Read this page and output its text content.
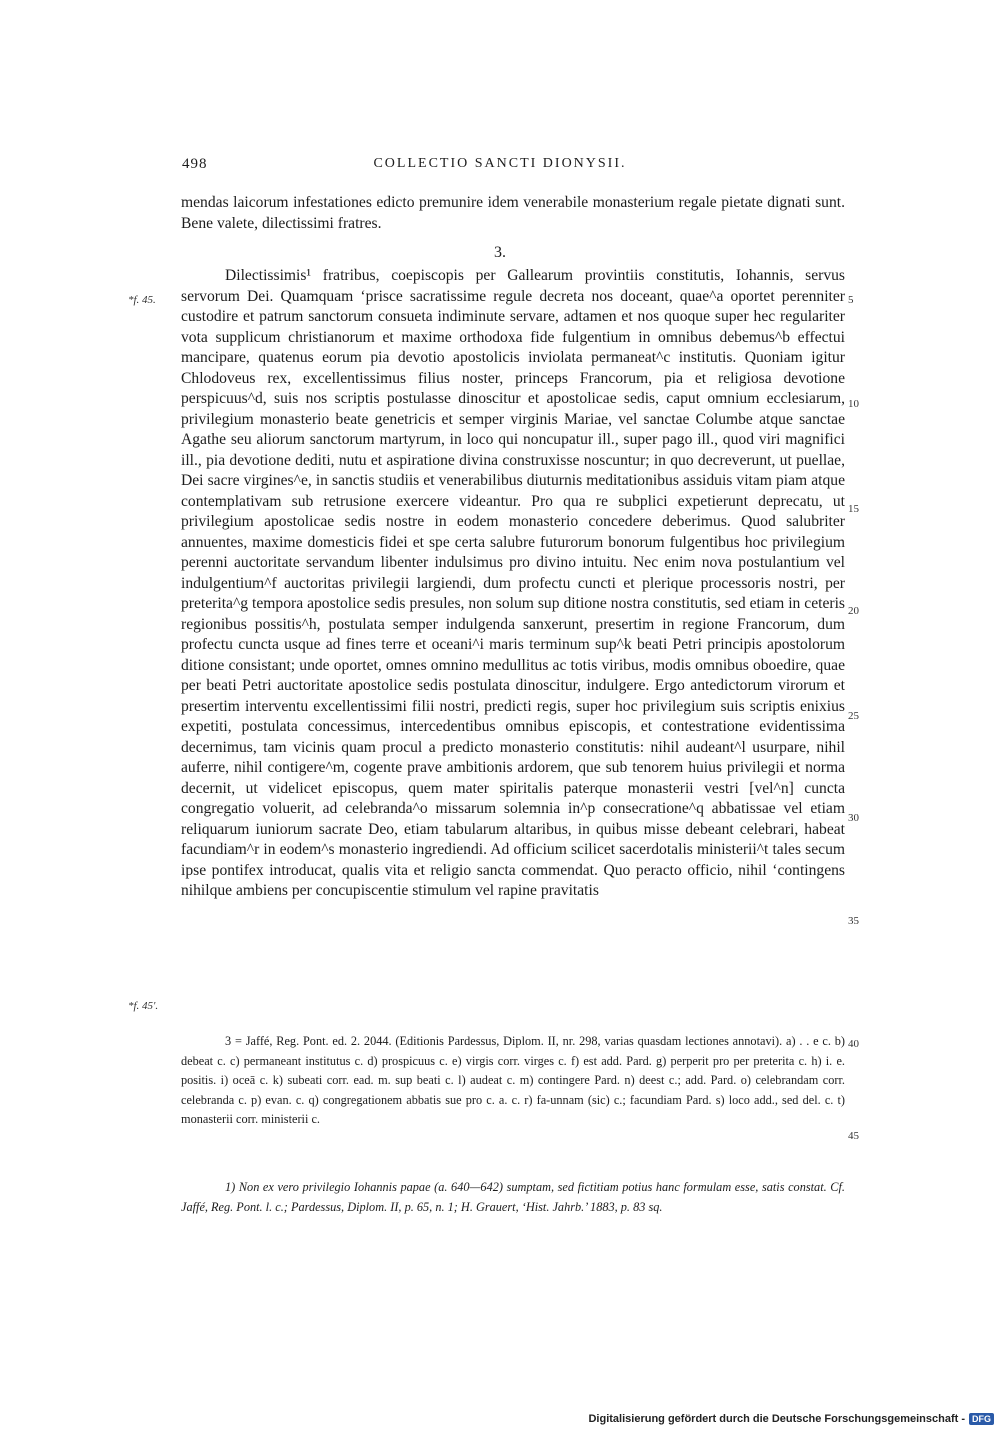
498	COLLECTIO SANCTI DIONYSII.

mendas laicorum infestationes edicto premunire idem venerabile monasterium regale pietate dignati sunt. Bene valete, dilectissimi fratres.

3.

Dilectissimis¹ fratribus, coepiscopis per Gallearum provintiis constitutis, Iohannis, servus servorum Dei. Quamquam ‘prisce sacratissime regule decreta nos doceant, quae^a oportet perenniter custodire et patrum sanctorum consueta indiminute servare, adtamen et nos quoque super hec regulariter vota supplicum christianorum et maxime orthodoxa fide fulgentium in omnibus debemus^b effectui mancipare, quatenus eorum pia devotio apostolicis inviolata permaneat^c institutis. Quoniam igitur Chlodoveus rex, excellentissimus filius noster, princeps Francorum, pia et religiosa devotione perspicuus^d, suis nos scriptis postulasse dinoscitur et apostolicae sedis, caput omnium ecclesiarum, privilegium monasterio beate genetricis et semper virginis Mariae, vel sanctae Columbe atque sanctae Agathe seu aliorum sanctorum martyrum, in loco qui noncupatur ill., super pago ill., quod viri magnifici ill., pia devotione dediti, nutu et aspiratione divina construxisse noscuntur; in quo decreverunt, ut puellae, Dei sacre virgines^e, in sanctis studiis et venerabilibus diuturnis meditationibus assiduis vitam piam atque contemplativam sub retrusione exercere videantur. Pro qua re subplici expetierunt deprecatu, ut privilegium apostolicae sedis nostre in eodem monasterio concedere deberimus. Quod salubriter annuentes, maxime domesticis fidei et spe certa salubre futurorum bonorum fulgentibus hoc privilegium perenni auctoritate servandum libenter indulsimus pro divino intuitu. Nec enim nova postulantium vel indulgentium^f auctoritas privilegii largiendi, dum profectu cuncti et plerique processoris nostri, per preterita^g tempora apostolice sedis presules, non solum sup ditione nostra constitutis, sed etiam in ceteris regionibus possitis^h, postulata semper indulgenda sanxerunt, presertim in regione Francorum, dum profectu cuncta usque ad fines terre et oceani^i maris terminum sup^k beati Petri principis apostolorum ditione consistant; unde oportet, omnes omnino medullitus ac totis viribus, modis omnibus oboedire, quae per beati Petri auctoritate apostolice sedis postulata dinoscitur, indulgere. Ergo antedictorum virorum et presertim interventu excellentissimi filii nostri, predicti regis, super hoc privilegium suis scriptis enixius expetiti, postulata concessimus, intercedentibus omnibus episcopis, et contestratione evidentissima decernimus, tam vicinis quam procul a predicto monasterio constitutis: nihil audeant^l usurpare, nihil auferre, nihil contigere^m, cogente prave ambitionis ardorem, que sub tenorem huius privilegii et norma decernit, ut videlicet episcopus, quem mater spiritalis paterque monasterii vestri [vel^n] cuncta congregatio voluerit, ad celebranda^o missarum solemnia in^p consecratione^q abbatissae vel etiam reliquarum iuniorum sacrate Deo, etiam tabularum altaribus, in quibus misse debeant celebrari, habeat facundiam^r in eodem^s monasterio ingrediendi. Ad officium scilicet sacerdotalis ministerii^t tales secum ipse pontifex introducat, qualis vita et religio sancta commendat. Quo peracto officio, nihil ‘contingens nihilque ambiens per concupiscentie stimulum vel rapine pravitatis

*f. 45.
*f. 45'.
5
10
15
20
25
30
35
40
45

3 = Jaffé, Reg. Pont. ed. 2. 2044. (Editionis Pardessus, Diplom. II, nr. 298, varias quasdam lectiones annotavi). a) . . e c. b) debeat c. c) permaneant institutus c. d) prospicuus c. e) virgis corr. virges c. f) est add. Pard. g) perperit pro per preterita c. h) i. e. positis. i) oceā c. k) subeati corr. ead. m. sup beati c. l) audeat c. m) contingere Pard. n) deest c.; add. Pard. o) celebrandam corr. celebranda c. p) evan. c. q) congregationem abbatis sue pro c. a. c. r) fa-unnam (sic) c.; facundiam Pard. s) loco add., sed del. c. t) monasterii corr. ministerii c.

1) Non ex vero privilegio Iohannis papae (a. 640—642) sumptam, sed fictitiam potius hanc formulam esse, satis constat. Cf. Jaffé, Reg. Pont. l. c.; Pardessus, Diplom. II, p. 65, n. 1; H. Grauert, ‘Hist. Jahrb.’ 1883, p. 83 sq.

Digitalisierung gefördert durch die Deutsche Forschungsgemeinschaft - DFG
